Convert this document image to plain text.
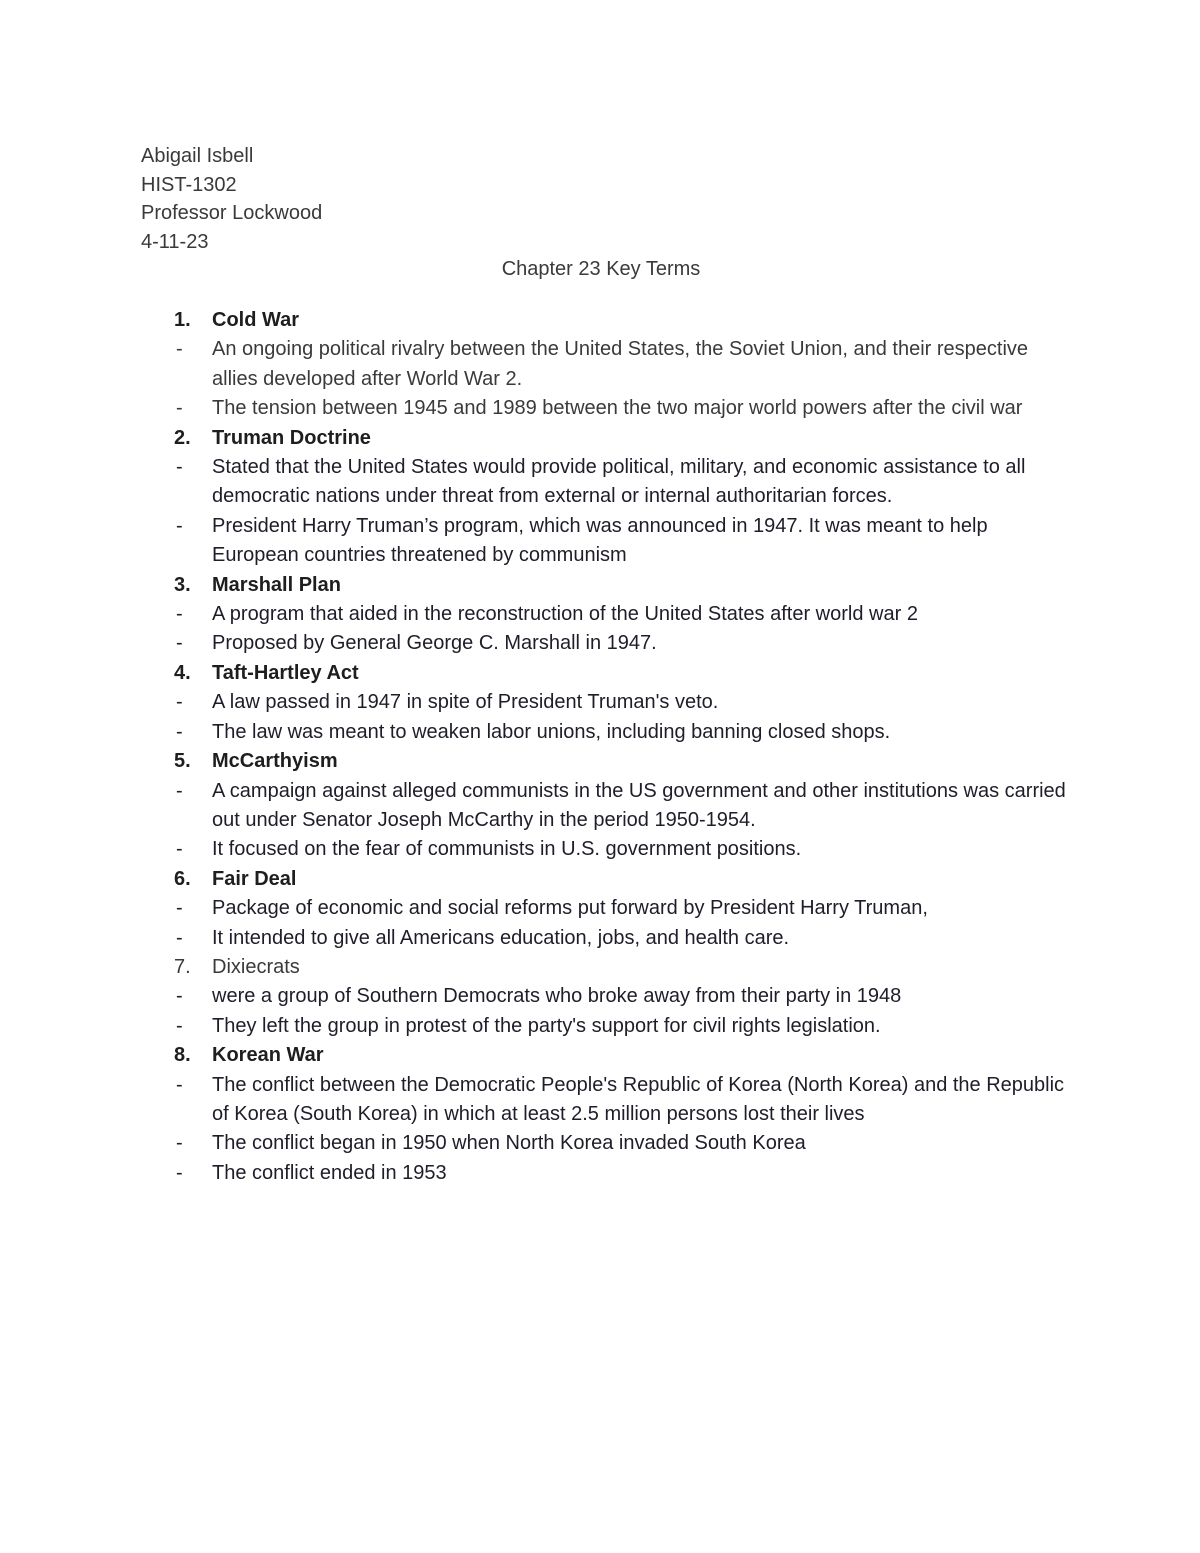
Abigail Isbell
HIST-1302
Professor Lockwood
4-11-23
Chapter 23 Key Terms
1. Cold War
- An ongoing political rivalry between the United States, the Soviet Union, and their respective allies developed after World War 2.
- The tension between 1945 and 1989 between the two major world powers after the civil war
2. Truman Doctrine
- Stated that the United States would provide political, military, and economic assistance to all democratic nations under threat from external or internal authoritarian forces.
- President Harry Truman’s program, which was announced in 1947. It was meant to help European countries threatened by communism
3. Marshall Plan
- A program that aided in the reconstruction of the United States after world war 2
- Proposed by General George C. Marshall in 1947.
4. Taft-Hartley Act
- A law passed in 1947 in spite of President Truman's veto.
- The law was meant to weaken labor unions, including banning closed shops.
5. McCarthyism
- A campaign against alleged communists in the US government and other institutions was carried out under Senator Joseph McCarthy in the period 1950-1954.
- It focused on the fear of communists in U.S. government positions.
6. Fair Deal
- Package of economic and social reforms put forward by President Harry Truman,
- It intended to give all Americans education, jobs, and health care.
7. Dixiecrats
- were a group of Southern Democrats who broke away from their party in 1948
- They left the group in protest of the party's support for civil rights legislation.
8. Korean War
- The conflict between the Democratic People's Republic of Korea (North Korea) and the Republic of Korea (South Korea) in which at least 2.5 million persons lost their lives
- The conflict began in 1950 when North Korea invaded South Korea
- The conflict ended in 1953
